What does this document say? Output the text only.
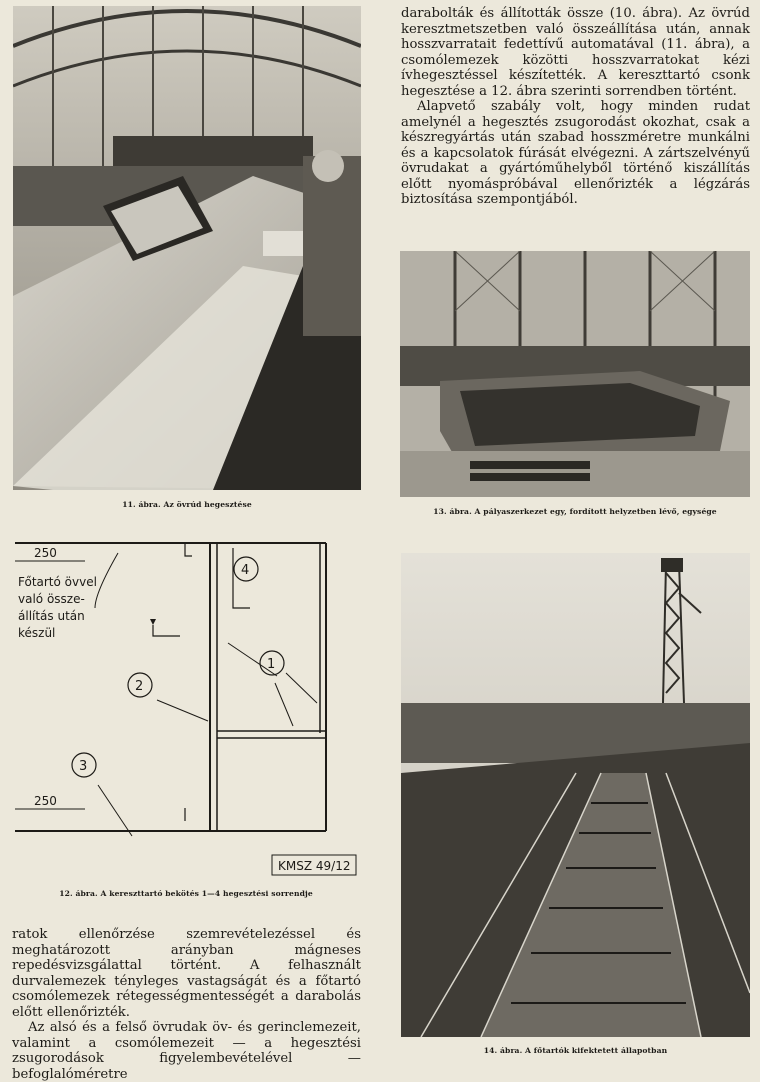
11. ábra. Az övrúd hegesztése

darabolták és állították össze (10. ábra). Az övrúd keresztmetszetben való összeállítása után, annak hosszvarratait fedettívű automatával (11. ábra), a csomólemezek közötti hosszvarratokat kézi ívhegesztéssel készítették. A kereszttartó csonk hegesztése a 12. ábra szerinti sorrendben történt.

Alapvető szabály volt, hogy minden rudat amelynél a hegesztés zsugorodást okozhat, csak a készregyártás után szabad hosszméretre munkálni és a kapcsolatok fúrását elvégezni. A zártszelvényű övrudakat a gyártóműhelyből történő kiszállítás előtt nyomáspróbával ellenőrizték a légzárás biztosítása szempontjából.

13. ábra. A pályaszerkezet egy, fordított helyzetben lévő, egysége
250
250
Főtartó övvel
való össze-
állítás után
készül
1
2
3
4
KMSZ 49/12
12. ábra. A kereszttartó bekötés 1—4 hegesztési sorrendje

ratok ellenőrzése szemrevételezéssel és meghatározott arányban mágneses repedésvizsgálattal történt. A felhasznált durvalemezek tényleges vastagságát és a főtartó csomólemezek rétegességmentességét a darabolás előtt ellenőrizték.

Az alsó és a felső övrudak öv- és gerinclemezeit, valamint a csomólemezeit — a hegesztési zsugorodások figyelembevételével — befoglalóméretre

14. ábra. A főtartók kifektetett állapotban
